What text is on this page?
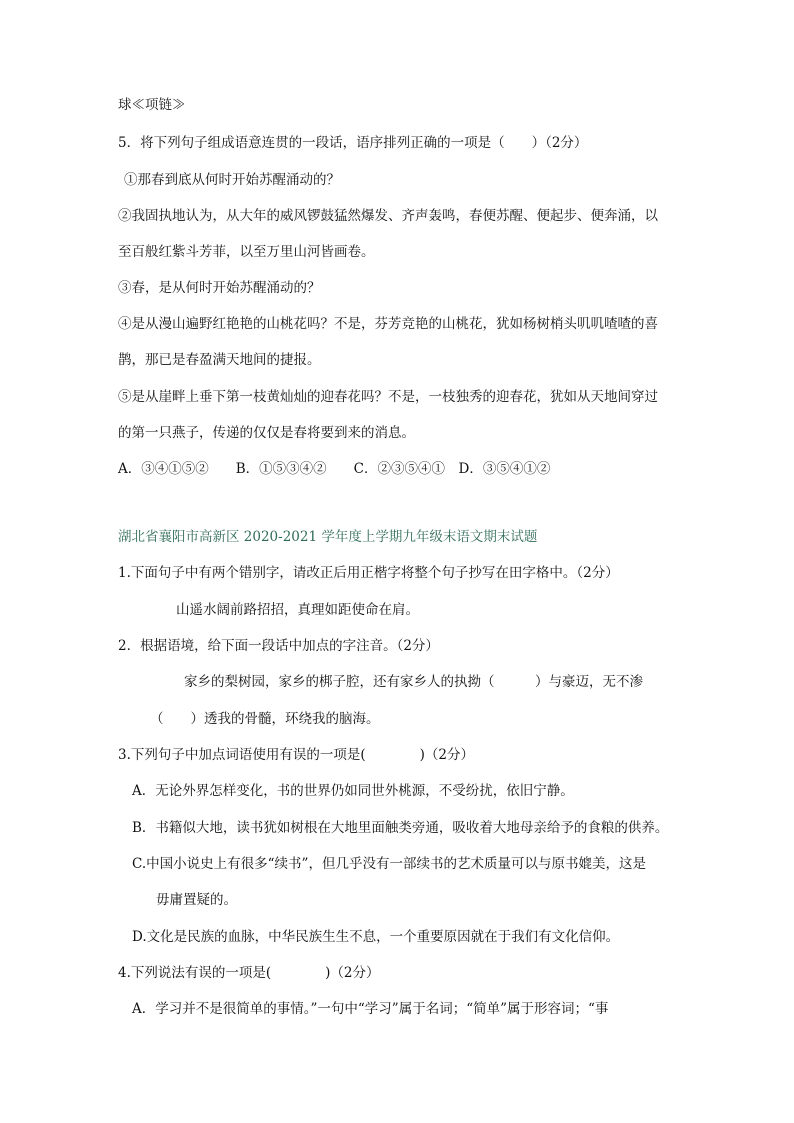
球≪项链≫
5．将下列句子组成语意连贯的一段话，语序排列正确的一项是（　　）（2分）
①那春到底从何时开始苏醒涌动的？
②我固执地认为，从大年的威风锣鼓猛然爆发、齐声轰鸣，春便苏醒、便起步、便奔涌，以
至百般红紫斗芳菲，以至万里山河皆画卷。
③春，是从何时开始苏醒涌动的？
④是从漫山遍野红艳艳的山桃花吗？不是，芬芳竞艳的山桃花，犹如杨树梢头叽叽喳喳的喜
鹊，那已是春盈满天地间的捷报。
⑤是从崖畔上垂下第一枝黄灿灿的迎春花吗？不是，一枝独秀的迎春花，犹如从天地间穿过
的第一只燕子，传递的仅仅是春将要到来的消息。
A．③④①⑤②　　B．①⑤③④②　　C．②③⑤④①　D．③⑤④①②
湖北省襄阳市高新区 2020-2021 学年度上学期九年级末语文期末试题
1.下面句子中有两个错别字，请改正后用正楷字将整个句子抄写在田字格中。（2分）
山遥水阔前路招招，真理如距使命在肩。
2．根据语境，给下面一段话中加点的字注音。（2分）
家乡的梨树园，家乡的梆子腔，还有家乡人的执拗（　　　）与豪迈，无不渗
（　　）透我的骨髓，环绕我的脑海。
3.下列句子中加点词语使用有误的一项是(　　　　)（2分）
A．无论外界怎样变化，书的世界仍如同世外桃源，不受纷扰，依旧宁静。
B．书籍似大地，读书犹如树根在大地里面触类旁通，吸收着大地母亲给予的食粮的供养。
C.中国小说史上有很多“续书”，但几乎没有一部续书的艺术质量可以与原书媲美，这是
毋庸置疑的。
D.文化是民族的血脉，中华民族生生不息，一个重要原因就在于我们有文化信仰。
4.下列说法有误的一项是(　　　　)（2分）
A．学习并不是很简单的事情。”一句中“学习”属于名词；“简单”属于形容词；“事
